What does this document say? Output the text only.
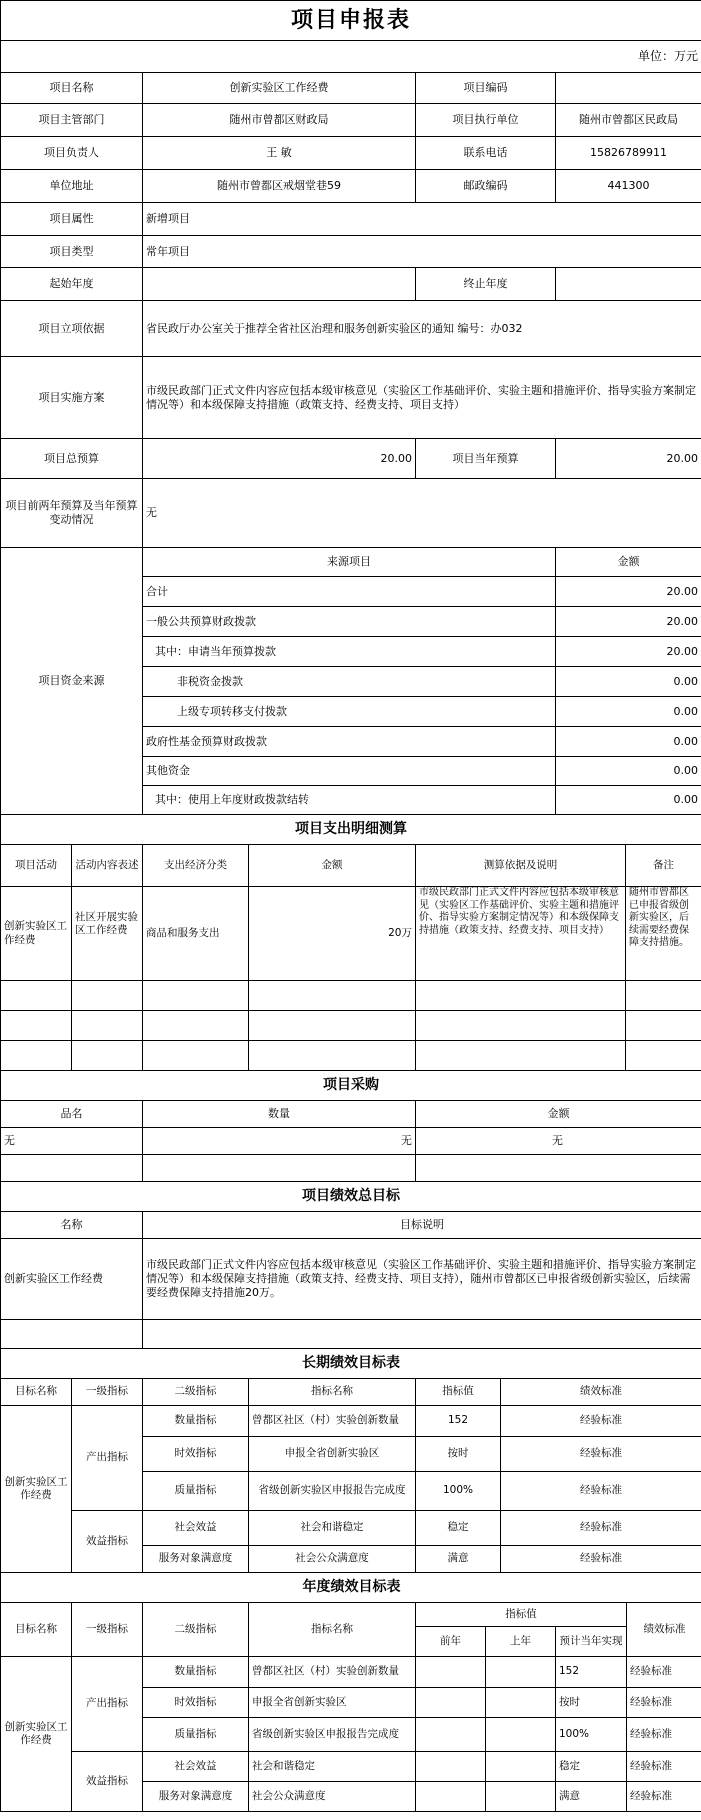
项目申报表			
单位：万元			
项目名称	创新实验区工作经费	项目编码	
项目主管部门	随州市曾都区财政局	项目执行单位	随州市曾都区民政局
项目负责人	王 敏	联系电话	15826789911
单位地址	随州市曾都区戒烟堂巷59	邮政编码	441300
项目属性	新增项目		
项目类型	常年项目		
起始年度		终止年度	
项目立项依据	省民政厅办公室关于推荐全省社区治理和服务创新实验区的通知 编号：办032		
项目实施方案	市级民政部门正式文件内容应包括本级审核意见（实验区工作基础评价、实验主题和措施评价、指导实验方案制定情况等）和本级保障支持措施（政策支持、经费支持、项目支持）		
项目总预算	20.00	项目当年预算	20.00
项目前两年预算及当年预算变动情况	无		
项目资金来源	来源项目		金额
	合计		20.00
	一般公共预算财政拨款		20.00
	其中：申请当年预算拨款		20.00
	非税资金拨款		0.00
	上级专项转移支付拨款		0.00
	政府性基金预算财政拨款		0.00
	其他资金		0.00
	其中：使用上年度财政拨款结转		0.00
项目支出明细测算					
项目活动	活动内容表述	支出经济分类	金额	测算依据及说明	备注
创新实验区工作经费	社区开展实验区工作经费	商品和服务支出	20万	市级民政部门正式文件内容应包括本级审核意见（实验区工作基础评价、实验主题和措施评价、指导实验方案制定情况等）和本级保障支持措施（政策支持、经费支持、项目支持）	随州市曾都区已申报省级创新实验区，后续需要经费保障支持措施。

项目采购		
品名	数量	金额
无	无	无

项目绩效总目标	
名称	目标说明
创新实验区工作经费	市级民政部门正式文件内容应包括本级审核意见（实验区工作基础评价、实验主题和措施评价、指导实验方案制定情况等）和本级保障支持措施（政策支持、经费支持、项目支持），随州市曾都区已申报省级创新实验区，后续需要经费保障支持措施20万。

长期绩效目标表					
目标名称	一级指标	二级指标	指标名称	指标值	绩效标准
创新实验区工作经费	产出指标	数量指标	曾都区社区（村）实验创新数量	152	经验标准
		时效指标	申报全省创新实验区	按时	经验标准
		质量指标	省级创新实验区申报报告完成度	100%	经验标准
	效益指标	社会效益	社会和谐稳定	稳定	经验标准
		服务对象满意度	社会公众满意度	满意	经验标准
年度绩效目标表							
目标名称	一级指标	二级指标	指标名称	指标值			绩效标准
				前年	上年	预计当年实现	
创新实验区工作经费	产出指标	数量指标	曾都区社区（村）实验创新数量			152	经验标准
		时效指标	申报全省创新实验区			按时	经验标准
		质量指标	省级创新实验区申报报告完成度			100%	经验标准
	效益指标	社会效益	社会和谐稳定			稳定	经验标准
		服务对象满意度	社会公众满意度			满意	经验标准
